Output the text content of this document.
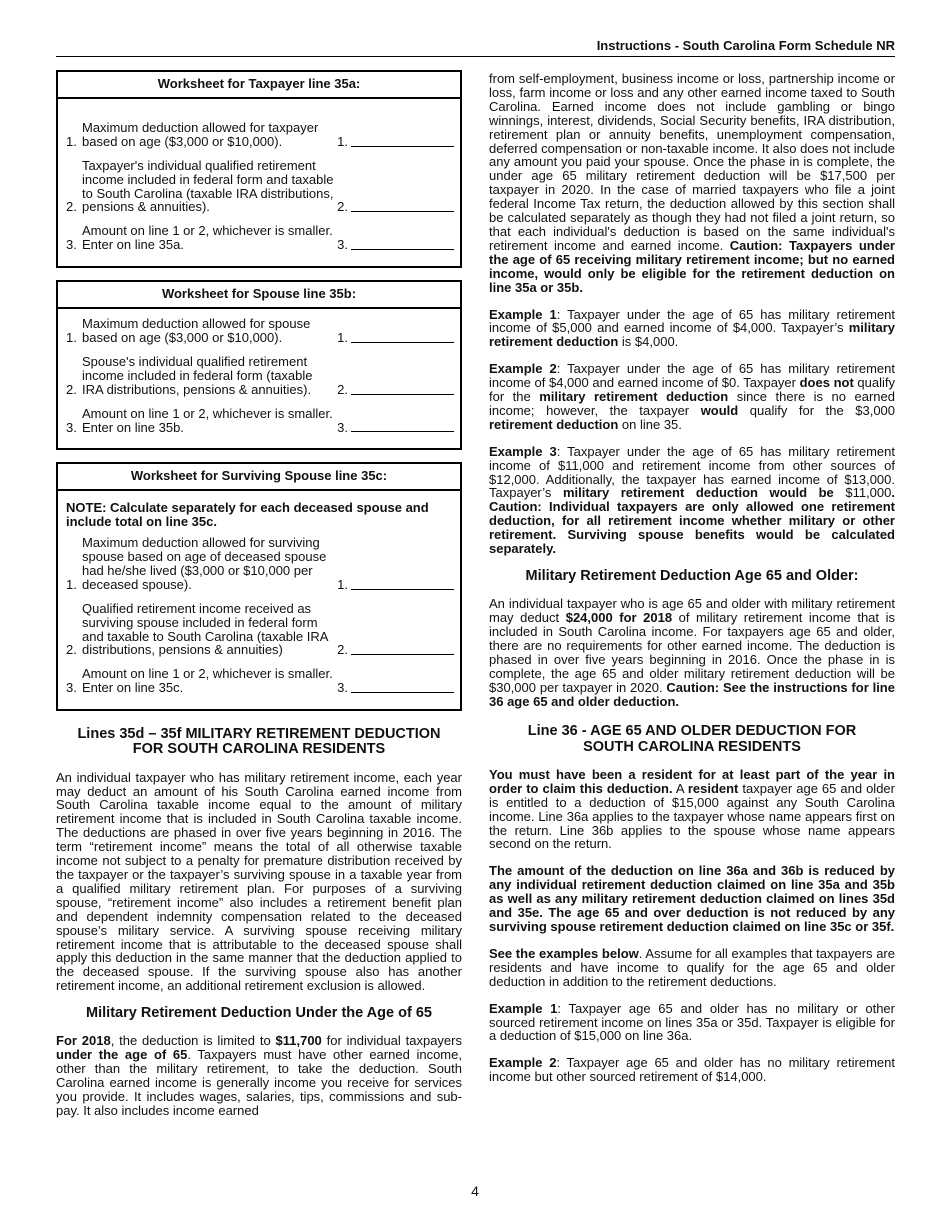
Instructions - South Carolina Form Schedule NR
Worksheet for Taxpayer line 35a:
1.
Maximum deduction allowed for taxpayer based on age ($3,000 or $10,000).	1.
2.
Taxpayer's individual qualified retirement income included in federal form and taxable to South Carolina (taxable IRA distributions, pensions & annuities).	2.
3.
Amount on line 1 or 2, whichever is smaller. Enter on line 35a.	3.
Worksheet for Spouse line 35b:
1.
Maximum deduction allowed for spouse based on age ($3,000 or $10,000).	1.
2.
Spouse's individual qualified retirement income included in federal form (taxable IRA distributions, pensions & annuities).	2.
3.
Amount on line 1 or 2, whichever is smaller. Enter on line 35b.	3.
Worksheet for Surviving Spouse line 35c:
NOTE: Calculate separately for each deceased spouse and include total on line 35c.
1.
Maximum deduction allowed for surviving spouse based on age of deceased spouse had he/she lived ($3,000 or $10,000 per deceased spouse).	1.
2.
Qualified retirement income received as surviving spouse included in federal form and taxable to South Carolina (taxable IRA distributions, pensions & annuities)	2.
3.
Amount on line 1 or 2, whichever is smaller. Enter on line 35c.	3.
Lines 35d – 35f MILITARY RETIREMENT DEDUCTION FOR SOUTH CAROLINA RESIDENTS

An individual taxpayer who has military retirement income, each year may deduct an amount of his South Carolina earned income from South Carolina taxable income equal to the amount of military retirement income that is included in South Carolina taxable income. The deductions are phased in over five years beginning in 2016. The term “retirement income” means the total of all otherwise taxable income not subject to a penalty for premature distribution received by the taxpayer or the taxpayer’s surviving spouse in a taxable year from a qualified military retirement plan. For purposes of a surviving spouse, “retirement income” also includes a retirement benefit plan and dependent indemnity compensation related to the deceased spouse’s military service. A surviving spouse receiving military retirement income that is attributable to the deceased spouse shall apply this deduction in the same manner that the deduction applied to the deceased spouse. If the surviving spouse also has another retirement income, an additional retirement exclusion is allowed.

Military Retirement Deduction Under the Age of 65

For 2018, the deduction is limited to $11,700 for individual taxpayers under the age of 65. Taxpayers must have other earned income, other than the military retirement, to take the deduction. South Carolina earned income is generally income you receive for services you provide. It includes wages, salaries, tips, commissions and sub-pay. It also includes income earned

from self-employment, business income or loss, partnership income or loss, farm income or loss and any other earned income taxed to South Carolina. Earned income does not include gambling or bingo winnings, interest, dividends, Social Security benefits, IRA distribution, retirement plan or annuity benefits, unemployment compensation, deferred compensation or non-taxable income. It also does not include any amount you paid your spouse. Once the phase in is complete, the under age 65 military retirement deduction will be $17,500 per taxpayer in 2020. In the case of married taxpayers who file a joint federal Income Tax return, the deduction allowed by this section shall be calculated separately as though they had not filed a joint return, so that each individual's deduction is based on the same individual's retirement income and earned income. Caution: Taxpayers under the age of 65 receiving military retirement income; but no earned income, would only be eligible for the retirement deduction on line 35a or 35b.

Example 1: Taxpayer under the age of 65 has military retirement income of $5,000 and earned income of $4,000. Taxpayer’s military retirement deduction is $4,000.

Example 2: Taxpayer under the age of 65 has military retirement income of $4,000 and earned income of $0. Taxpayer does not qualify for the military retirement deduction since there is no earned income; however, the taxpayer would qualify for the $3,000 retirement deduction on line 35.

Example 3: Taxpayer under the age of 65 has military retirement income of $11,000 and retirement income from other sources of $12,000. Additionally, the taxpayer has earned income of $13,000. Taxpayer’s military retirement deduction would be $11,000. Caution: Individual taxpayers are only allowed one retirement deduction, for all retirement income whether military or other retirement. Surviving spouse benefits would be calculated separately.

Military Retirement Deduction Age 65 and Older:

An individual taxpayer who is age 65 and older with military retirement may deduct $24,000 for 2018 of military retirement income that is included in South Carolina income. For taxpayers age 65 and older, there are no requirements for other earned income. The deduction is phased in over five years beginning in 2016. Once the phase in is complete, the age 65 and older military retirement deduction will be $30,000 per taxpayer in 2020. Caution: See the instructions for line 36 age 65 and older deduction.

Line 36 - AGE 65 AND OLDER DEDUCTION FOR SOUTH CAROLINA RESIDENTS

You must have been a resident for at least part of the year in order to claim this deduction. A resident taxpayer age 65 and older is entitled to a deduction of $15,000 against any South Carolina income. Line 36a applies to the taxpayer whose name appears first on the return. Line 36b applies to the spouse whose name appears second on the return.

The amount of the deduction on line 36a and 36b is reduced by any individual retirement deduction claimed on line 35a and 35b as well as any military retirement deduction claimed on lines 35d and 35e. The age 65 and over deduction is not reduced by any surviving spouse retirement deduction claimed on line 35c or 35f.

See the examples below. Assume for all examples that taxpayers are residents and have income to qualify for the age 65 and older deduction in addition to the retirement deductions.

Example 1: Taxpayer age 65 and older has no military or other sourced retirement income on lines 35a or 35d. Taxpayer is eligible for a deduction of $15,000 on line 36a.

Example 2: Taxpayer age 65 and older has no military retirement income but other sourced retirement of $14,000.

4
